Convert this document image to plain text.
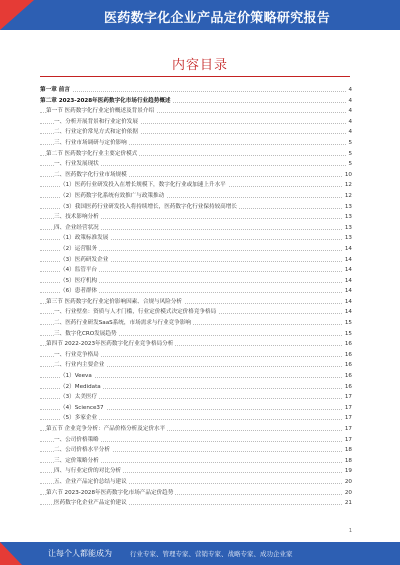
医药数字化企业产品定价策略研究报告
内容目录
第一章 前言	4
第二章 2023-2028年医药数字化市场行业趋势概述	4
第一节 医药数字化行业定价概述及背景介绍	4
一、分析开展背景和行业定价发展	4
二、行业定价常见方式和定价依据	4
三、行业市场调研与定价影响	5
第二节 医药数字化行业主要定价模式	5
一、行业发展现状	5
二、医药数字化行业市场规模	10
（1）医药行业研发投入在增长规模下，数字化行业或加速上升水平	12
（2）医药数字化系统有效推广与政策推动	12
（3）我国医药行业研发投入将持续增长，医药数字化行业保持较高增长	13
三、技术影响分析	13
四、企业经营状况	13
（1）政策标准发展	13
（2）运营服务	14
（3）医药研发企业	14
（4）监管平台	14
（5）医疗机构	14
（6）患者群体	14
第三节 医药数字化行业定价影响因素、合规与风险分析	14
一、行业壁垒：资质与人才门槛，行业定价模式决定价格竞争格局	14
二、医药行业研发SaaS系统，市场需求与行业竞争影响	15
三、数字化CRO发展趋势	15
第四节 2022-2023年医药数字化行业竞争格局分析	16
一、行业竞争格局	16
二、行业内主要企业	16
（1）Veeva	16
（2）Medidata	16
（3）太美医疗	17
（4）Science37	17
（5）多家企业	17
第五节 企业竞争分析：产品价格分析及定价水平	17
一、公司价格策略	17
二、公司价格水平分析	18
三、定价策略分析	18
四、与行业定价的对比分析	19
五、企业产品定价总结与建议	20
第六节 2023-2028年医药数字化市场产品定价趋势	20
医药数字化企业产品定价建议	21
1
让每个人都能成为	行业专家、管理专家、营销专家、战略专家、成功企业家
